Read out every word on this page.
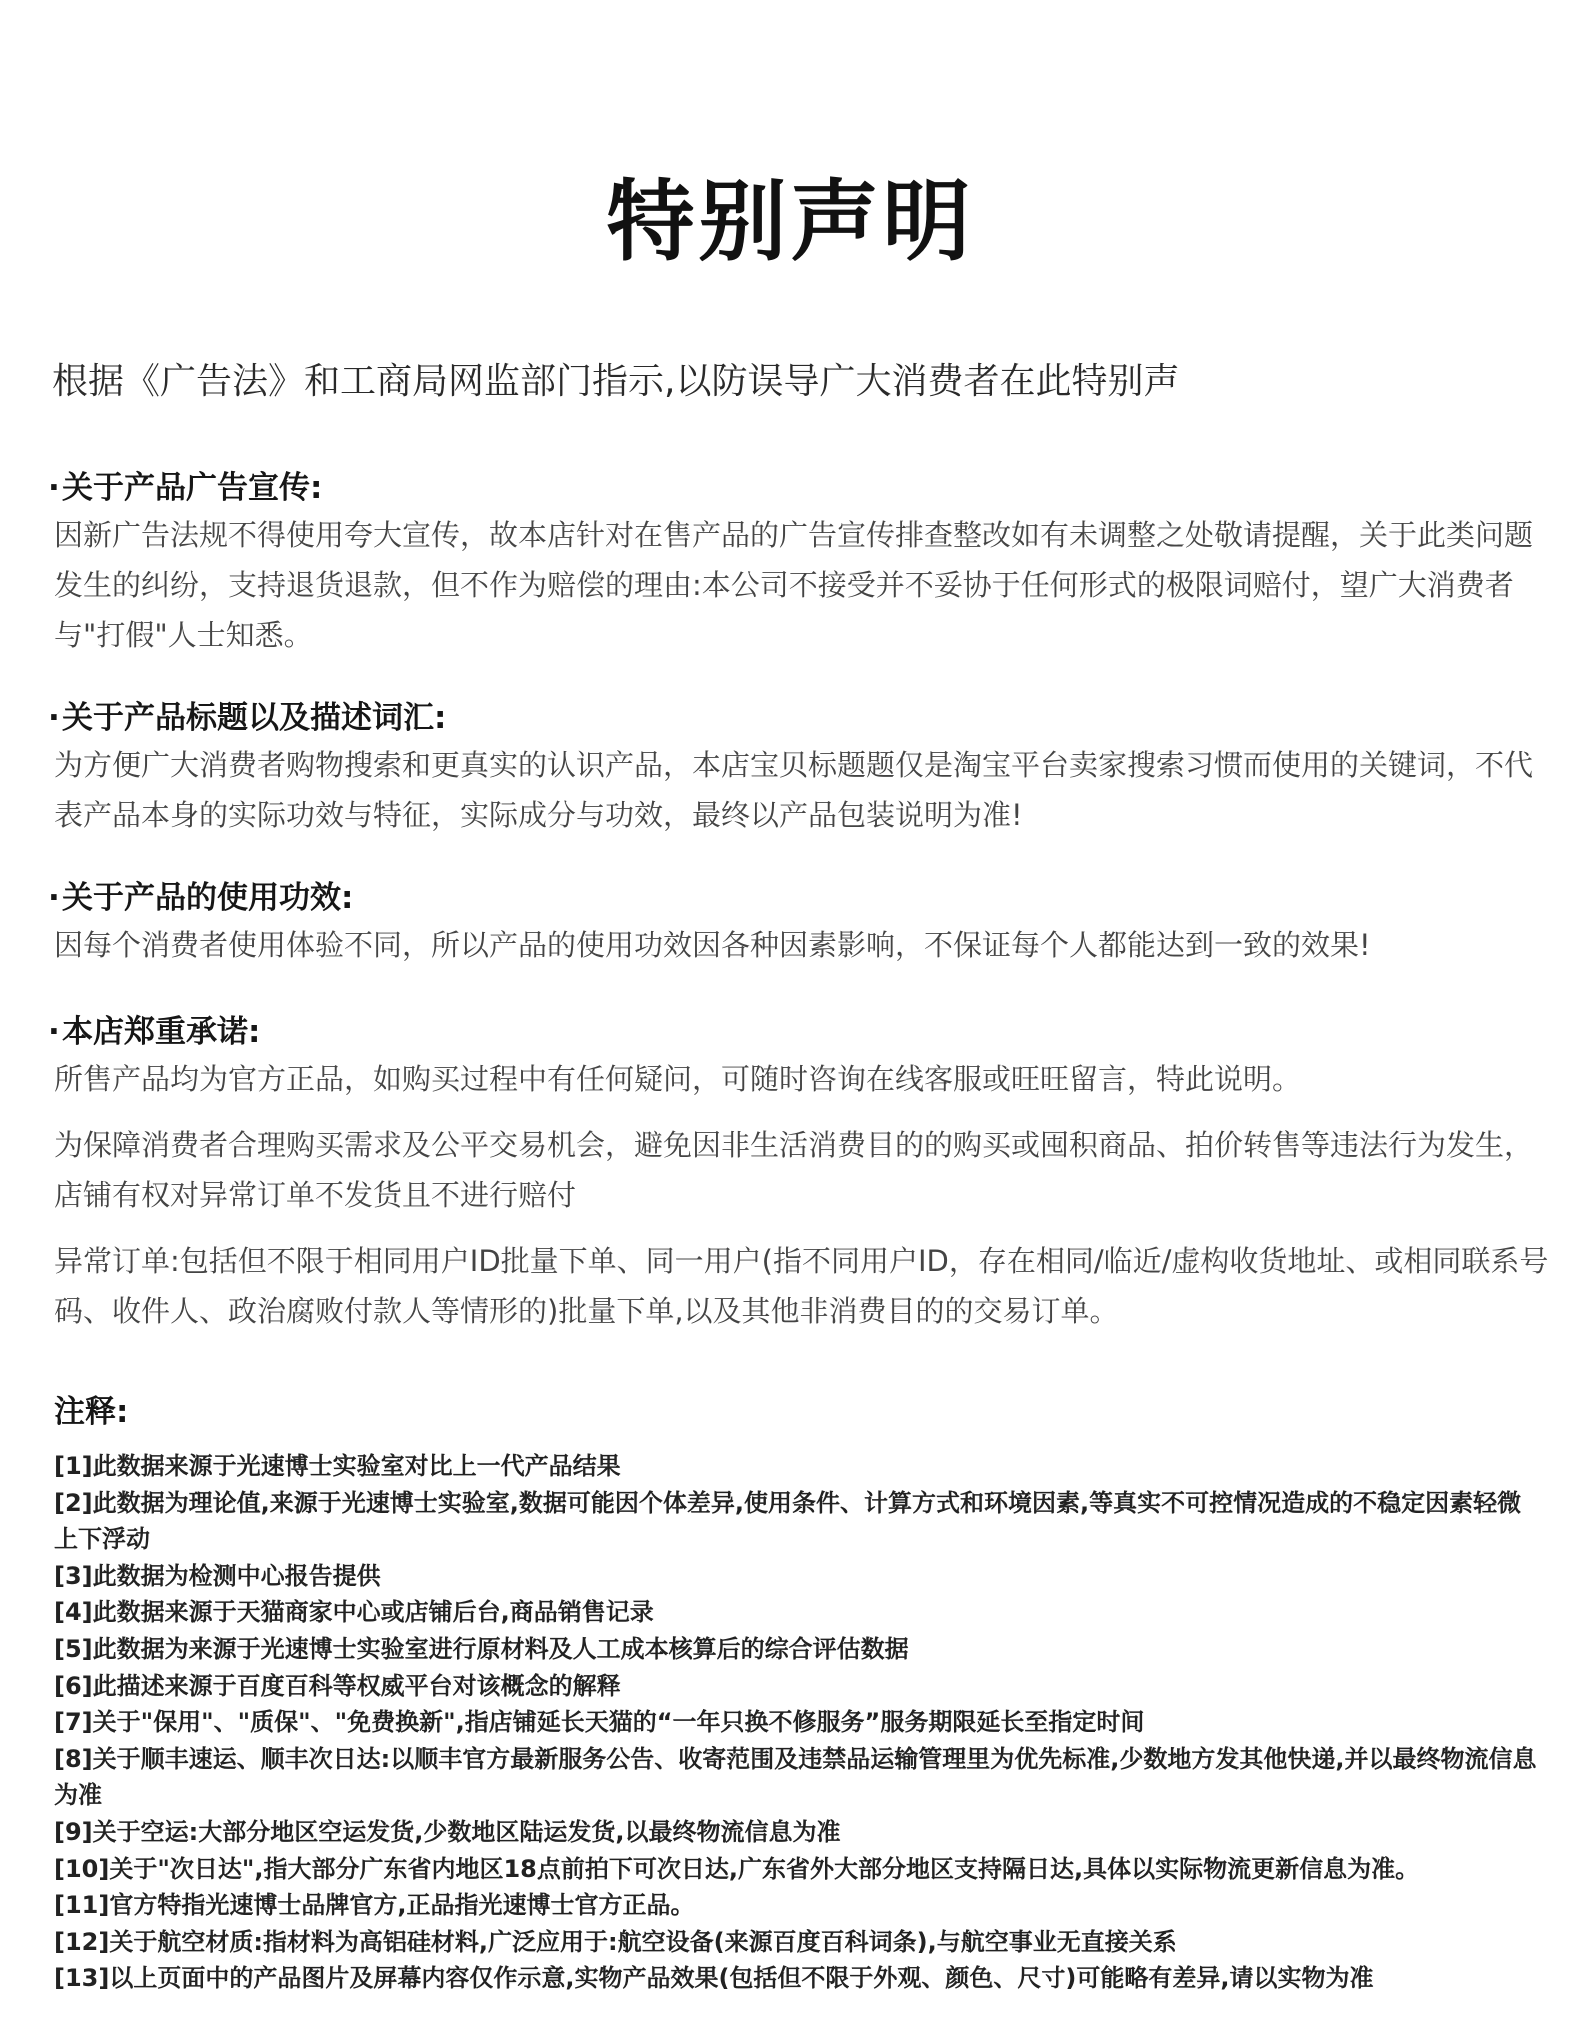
特别声明
根据《广告法》和工商局网监部门指示,以防误导广大消费者在此特别声
·关于产品广告宣传:
因新广告法规不得使用夸大宣传，故本店针对在售产品的广告宣传排查整改如有未调整之处敬请提醒，关于此类问题发生的纠纷，支持退货退款，但不作为赔偿的理由:本公司不接受并不妥协于任何形式的极限词赔付，望广大消费者与"打假"人士知悉。
·关于产品标题以及描述词汇:
为方便广大消费者购物搜索和更真实的认识产品，本店宝贝标题题仅是淘宝平台卖家搜索习惯而使用的关键词，不代表产品本身的实际功效与特征，实际成分与功效，最终以产品包装说明为准!
·关于产品的使用功效:
因每个消费者使用体验不同，所以产品的使用功效因各种因素影响，不保证每个人都能达到一致的效果!
·本店郑重承诺:
所售产品均为官方正品，如购买过程中有任何疑问，可随时咨询在线客服或旺旺留言，特此说明。
为保障消费者合理购买需求及公平交易机会，避免因非生活消费目的的购买或囤积商品、拍价转售等违法行为发生，店铺有权对异常订单不发货且不进行赔付
异常订单:包括但不限于相同用户ID批量下单、同一用户(指不同用户ID，存在相同/临近/虚构收货地址、或相同联系号码、收件人、政治腐败付款人等情形的)批量下单,以及其他非消费目的的交易订单。
注释:
[1]此数据来源于光速博士实验室对比上一代产品结果
[2]此数据为理论值,来源于光速博士实验室,数据可能因个体差异,使用条件、计算方式和环境因素,等真实不可控情况造成的不稳定因素轻微上下浮动
[3]此数据为检测中心报告提供
[4]此数据来源于天猫商家中心或店铺后台,商品销售记录
[5]此数据为来源于光速博士实验室进行原材料及人工成本核算后的综合评估数据
[6]此描述来源于百度百科等权威平台对该概念的解释
[7]关于"保用"、"质保"、"免费换新",指店铺延长天猫的“一年只换不修服务”服务期限延长至指定时间
[8]关于顺丰速运、顺丰次日达:以顺丰官方最新服务公告、收寄范围及违禁品运输管理里为优先标准,少数地方发其他快递,并以最终物流信息为准
[9]关于空运:大部分地区空运发货,少数地区陆运发货,以最终物流信息为准
[10]关于"次日达",指大部分广东省内地区18点前拍下可次日达,广东省外大部分地区支持隔日达,具体以实际物流更新信息为准。
[11]官方特指光速博士品牌官方,正品指光速博士官方正品。
[12]关于航空材质:指材料为高铝硅材料,广泛应用于:航空设备(来源百度百科词条),与航空事业无直接关系
[13]以上页面中的产品图片及屏幕内容仅作示意,实物产品效果(包括但不限于外观、颜色、尺寸)可能略有差异,请以实物为准
